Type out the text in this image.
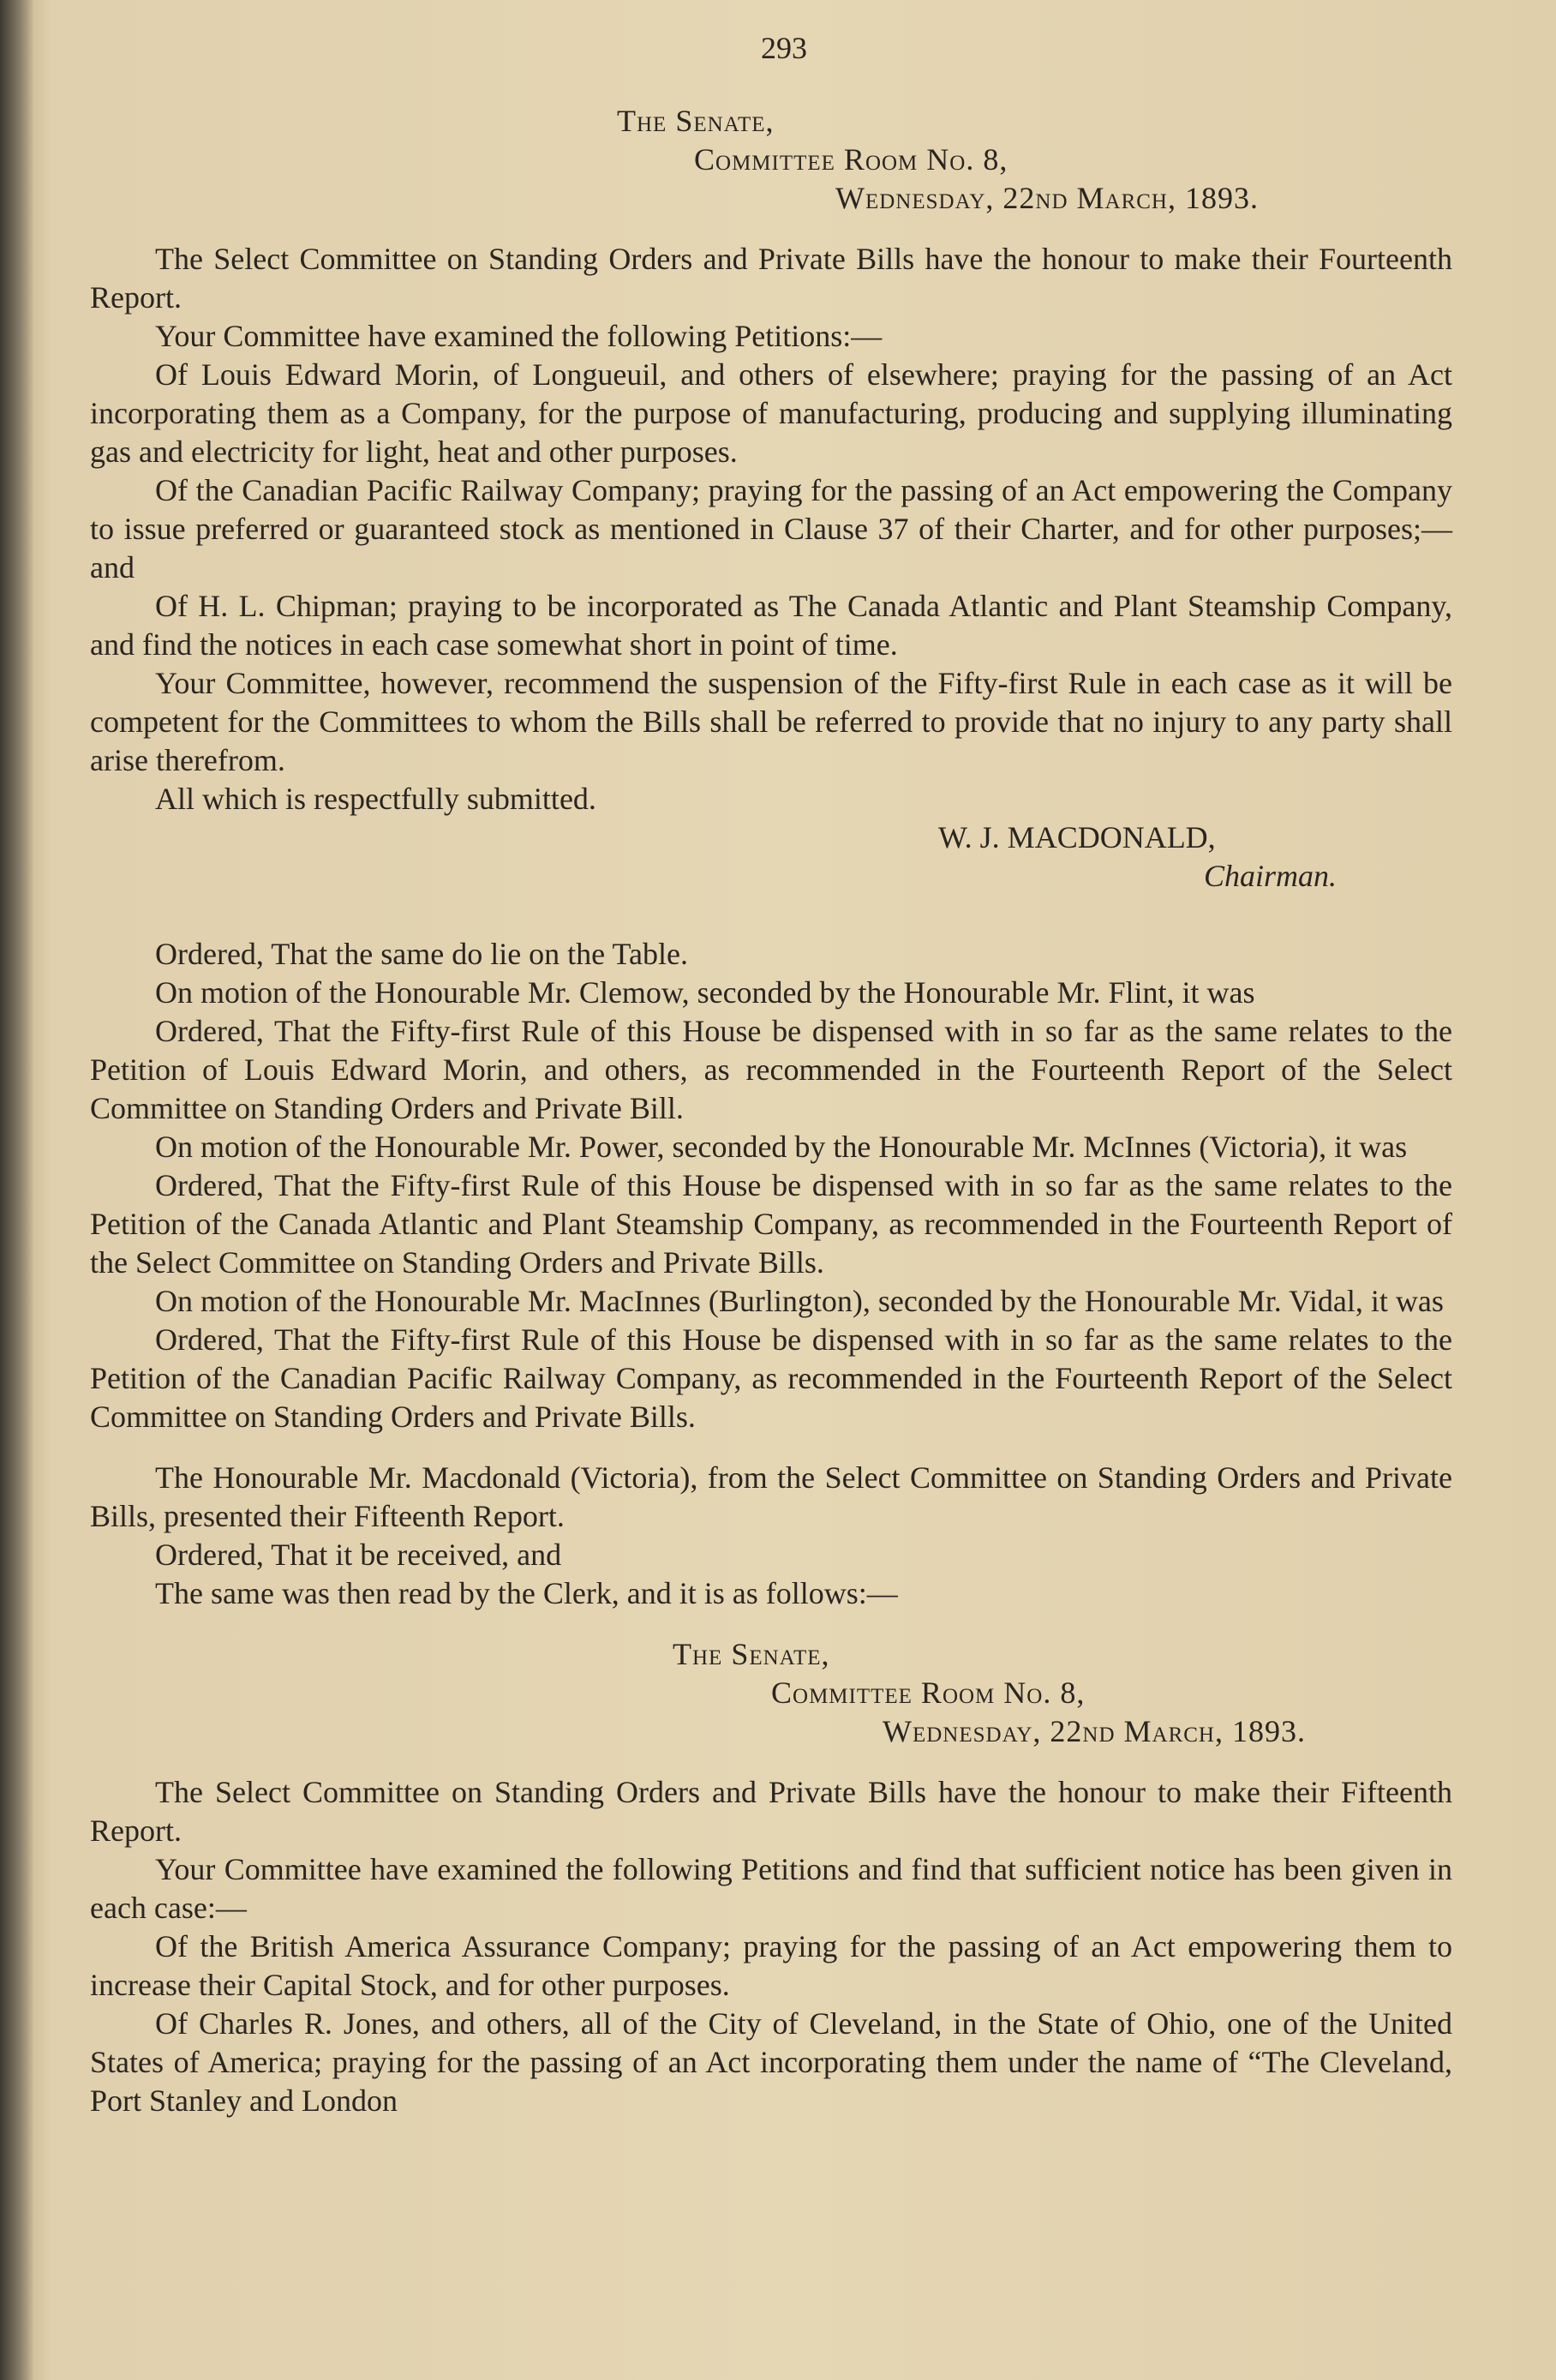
293

The Senate,

Committee Room No. 8,

Wednesday, 22nd March, 1893.

The Select Committee on Standing Orders and Private Bills have the honour to make their Fourteenth Report.

Your Committee have examined the following Petitions:—

Of Louis Edward Morin, of Longueuil, and others of elsewhere; praying for the passing of an Act incorporating them as a Company, for the purpose of manufacturing, producing and supplying illuminating gas and electricity for light, heat and other purposes.

Of the Canadian Pacific Railway Company; praying for the passing of an Act empowering the Company to issue preferred or guaranteed stock as mentioned in Clause 37 of their Charter, and for other purposes;—and

Of H. L. Chipman; praying to be incorporated as The Canada Atlantic and Plant Steamship Company, and find the notices in each case somewhat short in point of time.

Your Committee, however, recommend the suspension of the Fifty-first Rule in each case as it will be competent for the Committees to whom the Bills shall be referred to provide that no injury to any party shall arise therefrom.

All which is respectfully submitted.

W. J. MACDONALD,

Chairman.

Ordered, That the same do lie on the Table.

On motion of the Honourable Mr. Clemow, seconded by the Honourable Mr. Flint, it was

Ordered, That the Fifty-first Rule of this House be dispensed with in so far as the same relates to the Petition of Louis Edward Morin, and others, as recommended in the Fourteenth Report of the Select Committee on Standing Orders and Private Bill.

On motion of the Honourable Mr. Power, seconded by the Honourable Mr. McInnes (Victoria), it was

Ordered, That the Fifty-first Rule of this House be dispensed with in so far as the same relates to the Petition of the Canada Atlantic and Plant Steamship Company, as recommended in the Fourteenth Report of the Select Committee on Standing Orders and Private Bills.

On motion of the Honourable Mr. MacInnes (Burlington), seconded by the Honourable Mr. Vidal, it was

Ordered, That the Fifty-first Rule of this House be dispensed with in so far as the same relates to the Petition of the Canadian Pacific Railway Company, as recommended in the Fourteenth Report of the Select Committee on Standing Orders and Private Bills.

The Honourable Mr. Macdonald (Victoria), from the Select Committee on Standing Orders and Private Bills, presented their Fifteenth Report.

Ordered, That it be received, and

The same was then read by the Clerk, and it is as follows:—

The Senate,

Committee Room No. 8,

Wednesday, 22nd March, 1893.

The Select Committee on Standing Orders and Private Bills have the honour to make their Fifteenth Report.

Your Committee have examined the following Petitions and find that sufficient notice has been given in each case:—

Of the British America Assurance Company; praying for the passing of an Act empowering them to increase their Capital Stock, and for other purposes.

Of Charles R. Jones, and others, all of the City of Cleveland, in the State of Ohio, one of the United States of America; praying for the passing of an Act incorporating them under the name of “The Cleveland, Port Stanley and London
